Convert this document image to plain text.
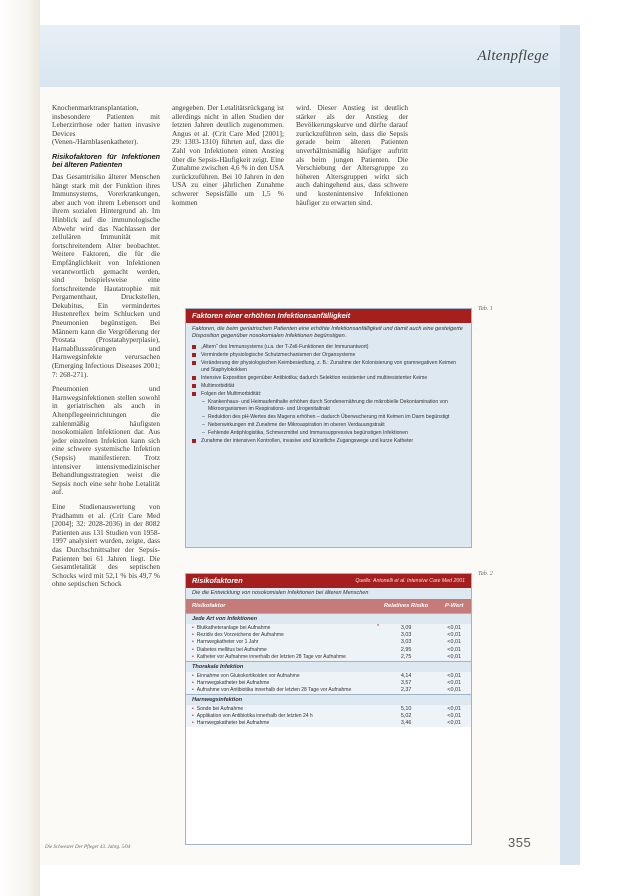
Altenpflege

Knochenmarktransplantation, insbesondere Patienten mit Leberzirrhose oder hatten invasive Devices (Venen-/Harnblasenkatheter).

Risikofaktoren für Infektionen bei älteren Patienten

Das Gesamtrisiko älterer Menschen hängt stark mit der Funktion ihres Immunsystems, Vorerkrankungen, aber auch von ihrem Lebensort und ihrem sozialen Hintergrund ab. Im Hinblick auf die immunologische Abwehr wird das Nachlassen der zellulären Immunität mit fortschreitendem Alter beobachtet. Weitere Faktoren, die für die Empfänglichkeit von Infektionen verantwortlich gemacht werden, sind beispielsweise eine fortschreitende Hautatrophie mit Pergamenthaut, Druckstellen, Dekubitus, Ein vermindertes Hustenreflex beim Schlucken und Pneumonien begünstigen. Bei Männern kann die Vergrößerung der Prostata (Prostatahyperplasie), Harnabflussstörungen und Harnwegsinfekte verursachen (Emerging Infectious Diseases 2001; 7: 268-271).

Pneumonien und Harnwegsinfektionen stellen sowohl in geriatrischen als auch in Altenpflegeeinrichtungen die zahlenmäßig häufigsten nosokomialen Infektionen dar. Aus jeder einzelnen Infektion kann sich eine schwere systemische Infektion (Sepsis) manifestieren. Trotz intensiver intensivmedizinischer Behandlungsstrategien weist die Sepsis noch eine sehr hohe Letalität auf.

Eine Studienauswertung von Pradhamm et al. (Crit Care Med [2004]; 32: 2028-2036) in der 8082 Patienten aus 131 Studien von 1958-1997 analysiert wurden, zeigte, dass das Durchschnittsalter der Sepsis-Patienten bei 61 Jahren liegt. Die Gesamtletalität des septischen Schocks wird mit 52,1 % bis 49,7 % ohne septischen Schock

angegeben. Der Letalitätsrückgang ist allerdings nicht in allen Studien der letzten Jahren deutlich zugenommen. Angus et al. (Crit Care Med [2001]; 29: 1303-1310) führten auf, dass die Zahl von Infektionen einen Anstieg über die Sepsis-Häufigkeit zeigt. Eine Zunahme zwischen 4,6 % in den USA zurückzuführen. Bei 10 Jahren in den USA zu einer jährlichen Zunahme schwerer Sepsisfälle um 1,5 % kommen

wird. Dieser Anstieg ist deutlich stärker als der Anstieg der Bevölkerungskurve und dürfte darauf zurückzuführen sein, dass die Sepsis gerade beim älteren Patienten unverhältnismäßig häufiger auftritt als beim jungen Patienten. Die Verschiebung der Altersgruppe zu höheren Altersgruppen wirkt sich auch dahingehend aus, dass schwere und kostenintensive Infektionen häufiger zu erwarten sind.

Tab. 1
Faktoren einer erhöhten Infektionsanfälligkeit
Faktoren, die beim geriatrischen Patienten eine erhöhte Infektionsanfälligkeit und damit auch eine gesteigerte Disposition gegenüber nosokomialen Infektionen begünstigen.
„Altern“ des Immunsystems (u.a. der T-Zell-Funktionen der Immunantwort)
Verminderte physiologische Schutzmechanismen der Organsysteme
Veränderung der physiologischen Keimbesiedlung, z. B.: Zunahme der Kolonisierung von gramnegativen Keimen und Staphylokokken
Intensive Exposition gegenüber Antibiotika; dadurch Selektion resistenter und multiresistenter Keime
Multimorbidität
Folgen der Multimorbidität:
– Krankenhaus- und Heimaufenthalte erhöhen durch Sondenernährung die mikrobielle Dekontamination von Mikroorganismen im Respirations- und Urogenitaltrakt
– Reduktion des pH-Wertes des Magens erhöhen – dadurch Überwucherung mit Keimen im Darm begünstigt
– Nebenwirkungen mit Zunahme der Mikroaspiration im oberen Verdauungstrakt
– Fehlende Antiphlogistika, Schmerzmittel und Immunsuppressiva begünstigen Infektionen
Zunahme der intensiven Kontrollen, invasive und künstliche Zugangswege und kurze Katheter
Tab. 2
Risikofaktoren	Quelle: Antonelli et al. Intensive Care Med 2001
Die die Entwicklung von nosokomialen Infektionen bei älteren Menschen
Risikofaktor	Relatives Risiko	P-Wert
Jede Art von Infektionen		
• Blutkatheteranlage bei Aufnahme	* 3,09	<0,01
• Rezidiv des Vorzeichens der Aufnahme	3,03	<0,01
• Harnwegkatheter vor 1 Jahr	3,03	<0,01
• Diabetes mellitus bei Aufnahme	2,95	<0,01
• Katheter vor Aufnahme innerhalb der letzten 28 Tage vor Aufnahme	2,75	<0,01
Thorakale Infektion		
• Einnahme von Glukokortikoiden vor Aufnahme	4,14	<0,01
• Harnwegskatheter bei Aufnahme	3,57	<0,01
• Aufnahme von Antibiotika innerhalb der letzten 28 Tage vor Aufnahme	2,37	<0,01
Harnwegsinfektion		
• Sonde bei Aufnahme	5,10	<0,01
• Applikation von Antibiotika innerhalb der letzten 24 h	5,02	<0,01
• Harnwegskatheter bei Aufnahme	3,46	<0,01
Die Schwester Der Pfleger 43. Jahrg. 5/04	355
